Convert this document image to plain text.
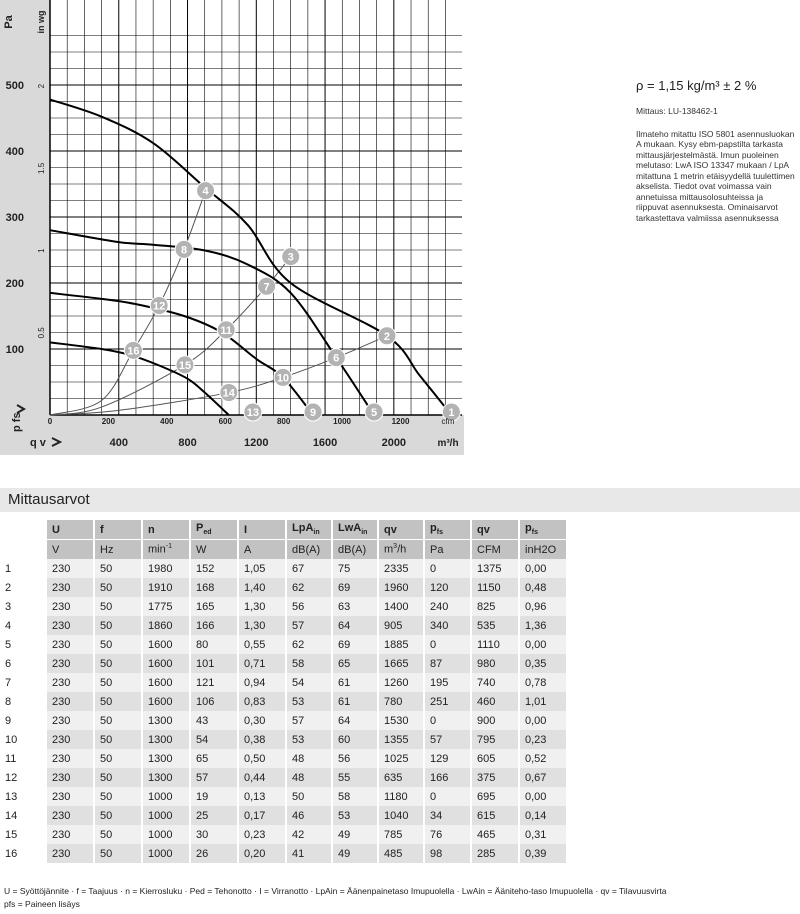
100
200
300
400
500
400	800	1200	1600	2000
0	200	400	600	800	1000	1200
0.5
1
1.5
2
1
2
3
4
5
6
7
8
9
10
11
12
13
14
15
16
Pa in wg
p fs
q v	m³/h
cfm
ρ = 1,15 kg/m³ ± 2 %
Mittaus: LU-138462-1
Ilmateho mitattu ISO 5801 asennusluokan A mukaan. Kysy ebm-papstilta tarkasta mittausjärjestelmästä. Imun puoleinen melutaso: LwA ISO 13347 mukaan / LpA mitattuna 1 metrin etäisyydellä tuulettimen akselista. Tiedot ovat voimassa vain annetuissa mittausolosuhteissa ja riippuvat asennuksesta. Ominaisarvot tarkastettava valmiissa asennuksessa
Mittausarvot
	U	f	n	$P_{ed}$	I	LpA$_{in}$	LwA$_{in}$	qv	$p_{fs}$	qv	$p_{fs}$
	V	Hz	$\min^{-1}$	W	A	dB(A)	dB(A)	$m^3/h$	Pa	CFM	inH2O
1	230	50	1980	152	1,05	67	75	2335	0	1375	0,00
2	230	50	1910	168	1,40	62	69	1960	120	1150	0,48
3	230	50	1775	165	1,30	56	63	1400	240	825	0,96
4	230	50	1860	166	1,30	57	64	905	340	535	1,36
5	230	50	1600	80	0,55	62	69	1885	0	1110	0,00
6	230	50	1600	101	0,71	58	65	1665	87	980	0,35
7	230	50	1600	121	0,94	54	61	1260	195	740	0,78
8	230	50	1600	106	0,83	53	61	780	251	460	1,01
9	230	50	1300	43	0,30	57	64	1530	0	900	0,00
10	230	50	1300	54	0,38	53	60	1355	57	795	0,23
11	230	50	1300	65	0,50	48	56	1025	129	605	0,52
12	230	50	1300	57	0,44	48	55	635	166	375	0,67
13	230	50	1000	19	0,13	50	58	1180	0	695	0,00
14	230	50	1000	25	0,17	46	53	1040	34	615	0,14
15	230	50	1000	30	0,23	42	49	785	76	465	0,31
16	230	50	1000	26	0,20	41	49	485	98	285	0,39
U = Syöttöjännite · f = Taajuus · n = Kierrosluku · Ped = Tehonotto · I = Virranotto · LpAin = Äänenpainetaso Imupuolella · LwAin = Ääniteho-taso Imupuolella · qv = Tilavuusvirta
pfs = Paineen lisäys
